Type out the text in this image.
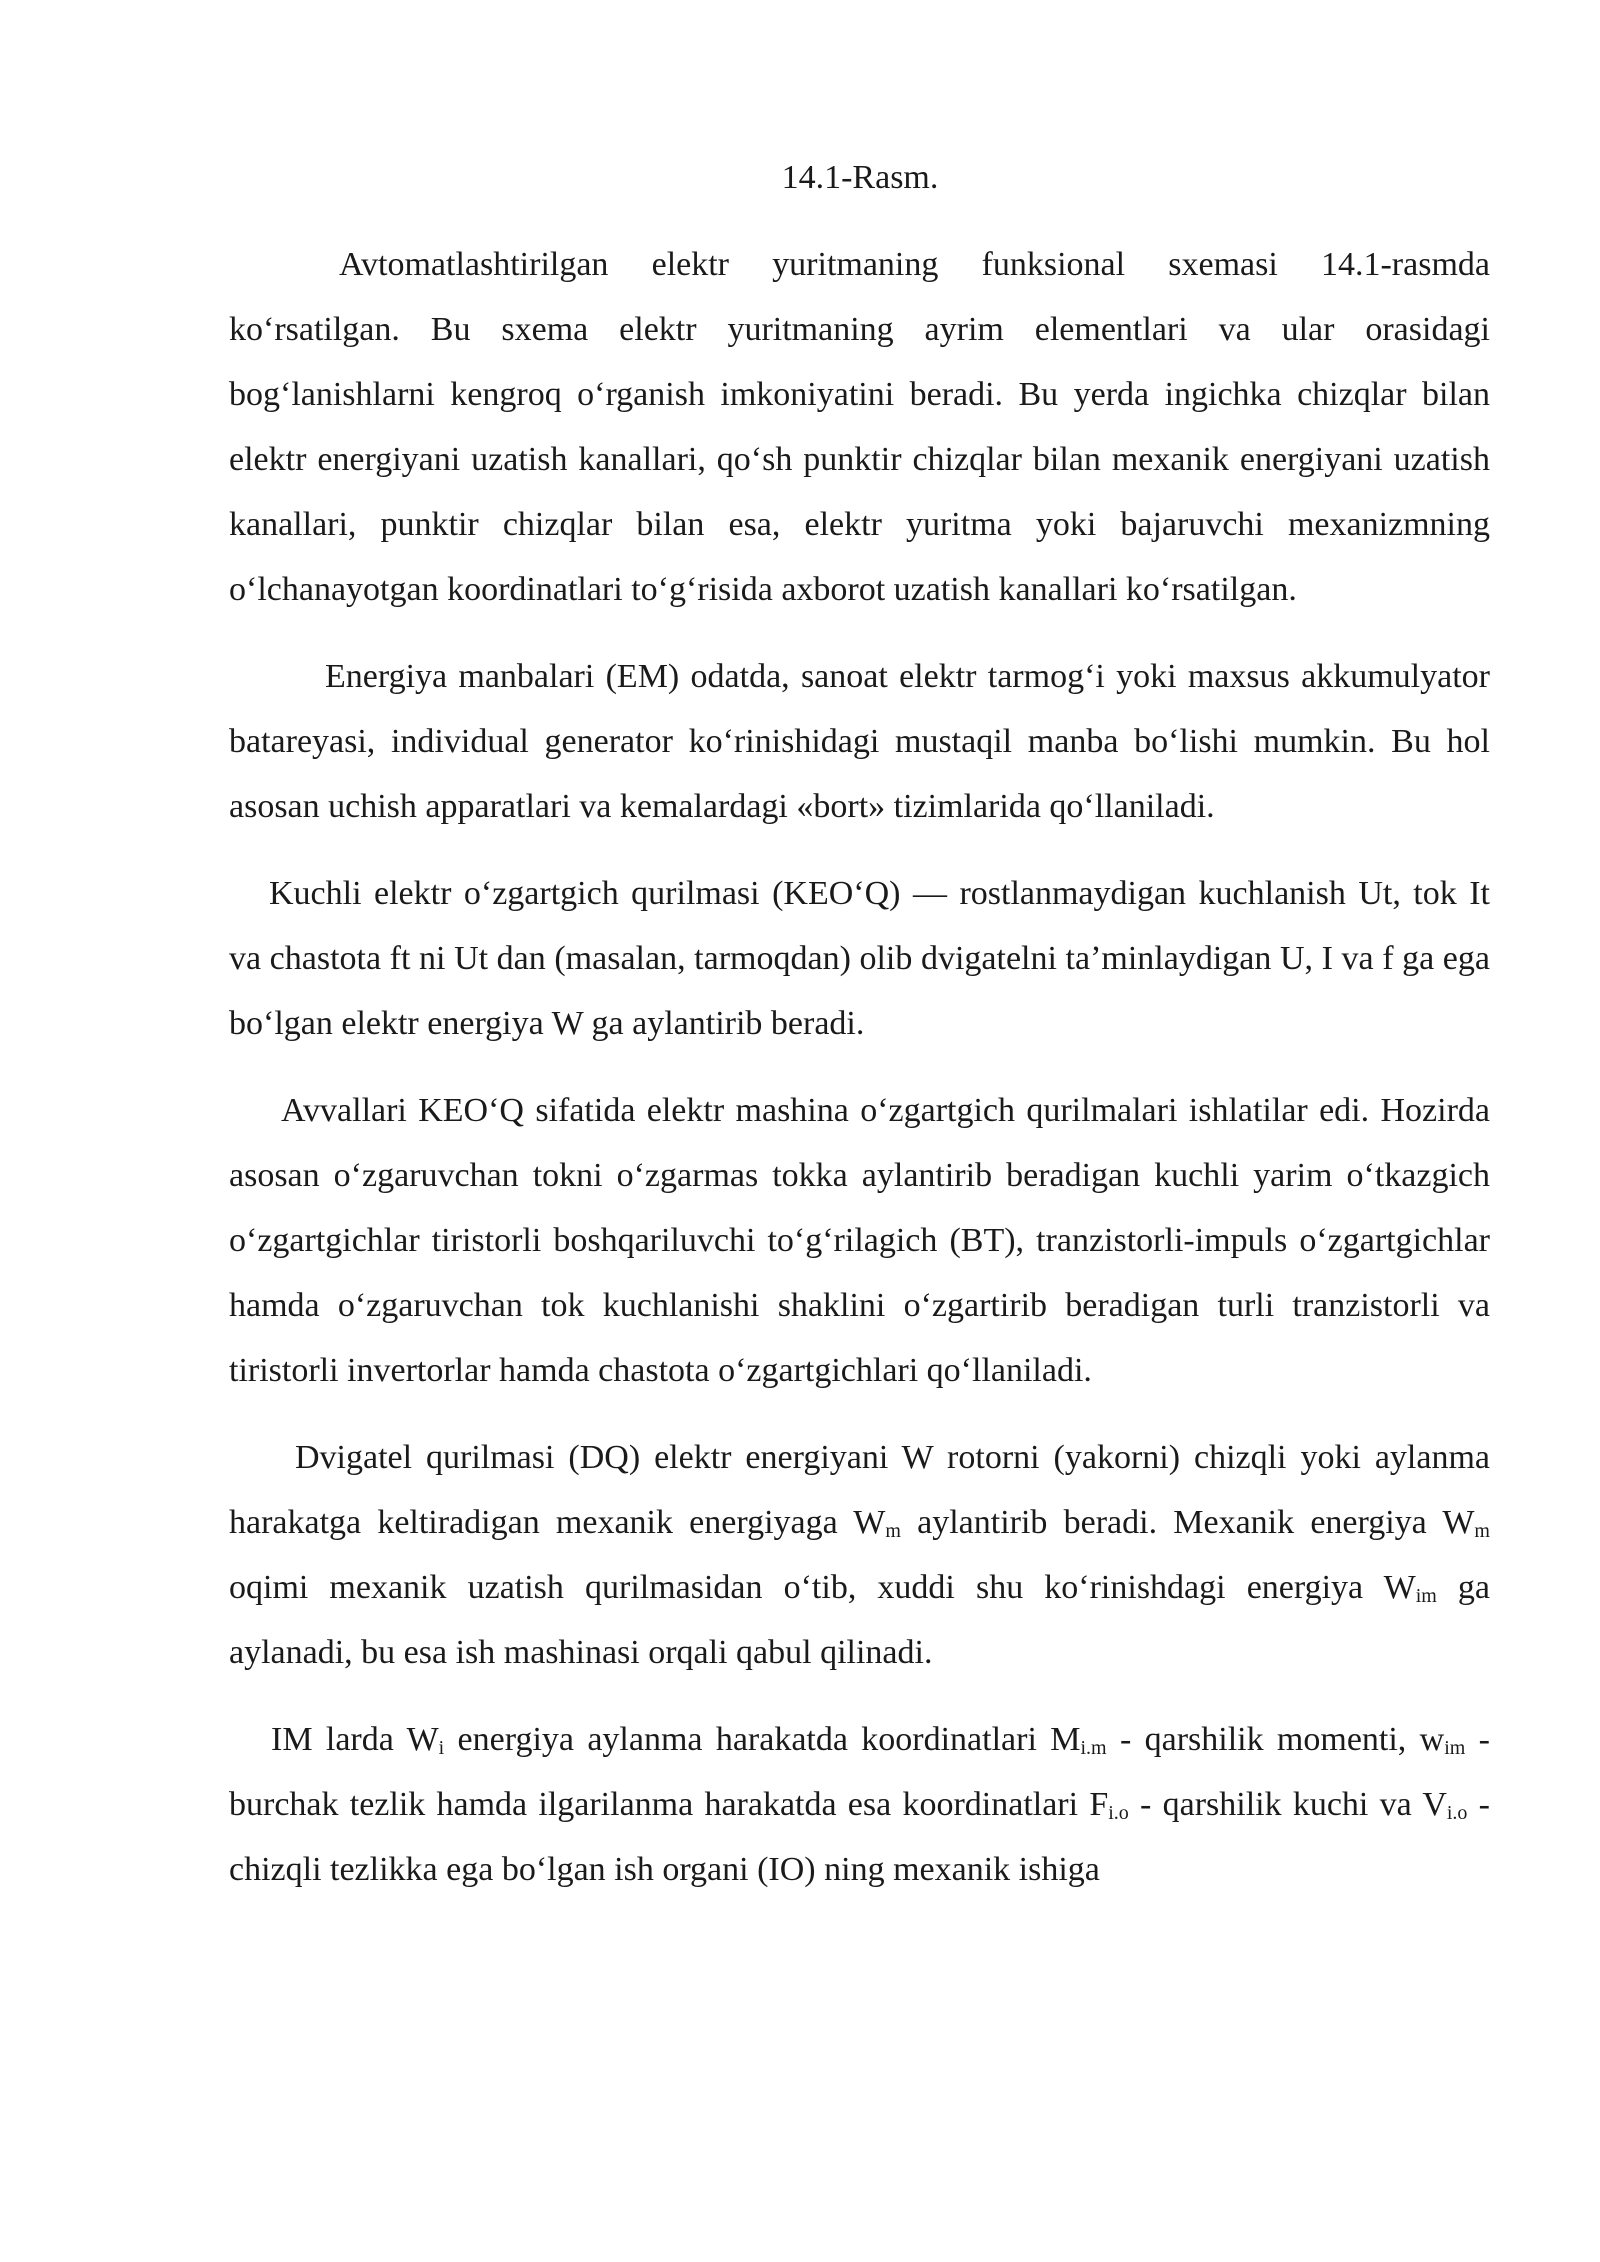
14.1-Rasm.

Avtomatlashtirilgan elektr yuritmaning funksional sxemasi 14.1-rasmda koʻrsatilgan. Bu sxema elektr yuritmaning ayrim elementlari va ular orasidagi bogʻlanishlarni kengroq oʻrganish imkoniyatini beradi. Bu yerda ingichka chizqlar bilan elektr energiyani uzatish kanallari, qoʻsh punktir chizqlar bilan mexanik energiyani uzatish kanallari, punktir chizqlar bilan esa, elektr yuritma yoki bajaruvchi mexanizmning oʻlchanayotgan koordinatlari toʻgʻrisida axborot uzatish kanallari koʻrsatilgan.

Energiya manbalari (EM) odatda, sanoat elektr tarmogʻi yoki maxsus akkumulyator batareyasi, individual generator koʻrinishidagi mustaqil manba boʻlishi mumkin. Bu hol asosan uchish apparatlari va kemalardagi «bort» tizimlarida qoʻllaniladi.

Kuchli elektr oʻzgartgich qurilmasi (KEOʻQ) — rostlanmaydigan kuchlanish Ut, tok It va chastota ft ni Ut dan (masalan, tarmoqdan) olib dvigatelni taʼminlaydigan U, I va f ga ega boʻlgan elektr energiya W ga aylantirib beradi.

Avvallari KEOʻQ sifatida elektr mashina oʻzgartgich qurilmalari ishlatilar edi. Hozirda asosan oʻzgaruvchan tokni oʻzgarmas tokka aylantirib beradigan kuchli yarim oʻtkazgich oʻzgartgichlar tiristorli boshqariluvchi toʻgʻrilagich (BT), tranzistorli-impuls oʻzgartgichlar hamda oʻzgaruvchan tok kuchlanishi shaklini oʻzgartirib beradigan turli tranzistorli va tiristorli invertorlar hamda chastota oʻzgartgichlari qoʻllaniladi.

Dvigatel qurilmasi (DQ) elektr energiyani W rotorni (yakorni) chizqli yoki aylanma harakatga keltiradigan mexanik energiyaga $W_m$ aylantirib beradi. Mexanik energiya $W_m$ oqimi mexanik uzatish qurilmasidan oʻtib, xuddi shu koʻrinishdagi energiya $W_{im}$ ga aylanadi, bu esa ish mashinasi orqali qabul qilinadi.

IM larda $W_i$ energiya aylanma harakatda koordinatlari $M_{i.m}$ - qarshilik momenti, $w_{im}$ - burchak tezlik hamda ilgarilanma harakatda esa koordinatlari $F_{i.o}$ - qarshilik kuchi va $V_{i.o}$ - chizqli tezlikka ega boʻlgan ish organi (IO) ning mexanik ishiga
